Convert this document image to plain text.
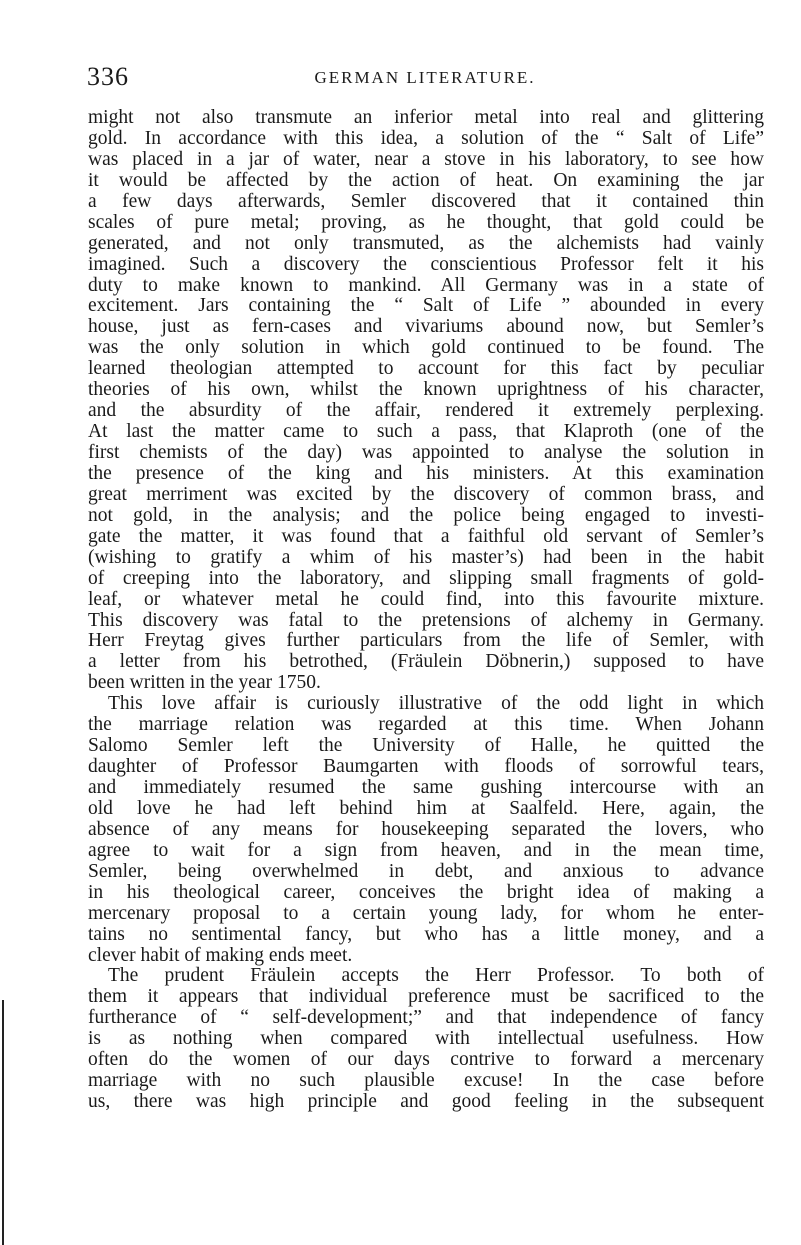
336	GERMAN LITERATURE.
might not also transmute an inferior metal into real and glittering
gold. In accordance with this idea, a solution of the “ Salt of Life”
was placed in a jar of water, near a stove in his laboratory, to see how
it would be affected by the action of heat. On examining the jar
a few days afterwards, Semler discovered that it contained thin
scales of pure metal; proving, as he thought, that gold could be
generated, and not only transmuted, as the alchemists had vainly
imagined. Such a discovery the conscientious Professor felt it his
duty to make known to mankind. All Germany was in a state of
excitement. Jars containing the “ Salt of Life ” abounded in every
house, just as fern-cases and vivariums abound now, but Semler’s
was the only solution in which gold continued to be found. The
learned theologian attempted to account for this fact by peculiar
theories of his own, whilst the known uprightness of his character,
and the absurdity of the affair, rendered it extremely perplexing.
At last the matter came to such a pass, that Klaproth (one of the
first chemists of the day) was appointed to analyse the solution in
the presence of the king and his ministers. At this examination
great merriment was excited by the discovery of common brass, and
not gold, in the analysis; and the police being engaged to investi-
gate the matter, it was found that a faithful old servant of Semler’s
(wishing to gratify a whim of his master’s) had been in the habit
of creeping into the laboratory, and slipping small fragments of gold-
leaf, or whatever metal he could find, into this favourite mixture.
This discovery was fatal to the pretensions of alchemy in Germany.
Herr Freytag gives further particulars from the life of Semler, with
a letter from his betrothed, (Fräulein Döbnerin,) supposed to have
been written in the year 1750.
This love affair is curiously illustrative of the odd light in which
the marriage relation was regarded at this time. When Johann
Salomo Semler left the University of Halle, he quitted the
daughter of Professor Baumgarten with floods of sorrowful tears,
and immediately resumed the same gushing intercourse with an
old love he had left behind him at Saalfeld. Here, again, the
absence of any means for housekeeping separated the lovers, who
agree to wait for a sign from heaven, and in the mean time,
Semler, being overwhelmed in debt, and anxious to advance
in his theological career, conceives the bright idea of making a
mercenary proposal to a certain young lady, for whom he enter-
tains no sentimental fancy, but who has a little money, and a
clever habit of making ends meet.
The prudent Fräulein accepts the Herr Professor. To both of
them it appears that individual preference must be sacrificed to the
furtherance of “ self-development;” and that independence of fancy
is as nothing when compared with intellectual usefulness. How
often do the women of our days contrive to forward a mercenary
marriage with no such plausible excuse! In the case before
us, there was high principle and good feeling in the subsequent
